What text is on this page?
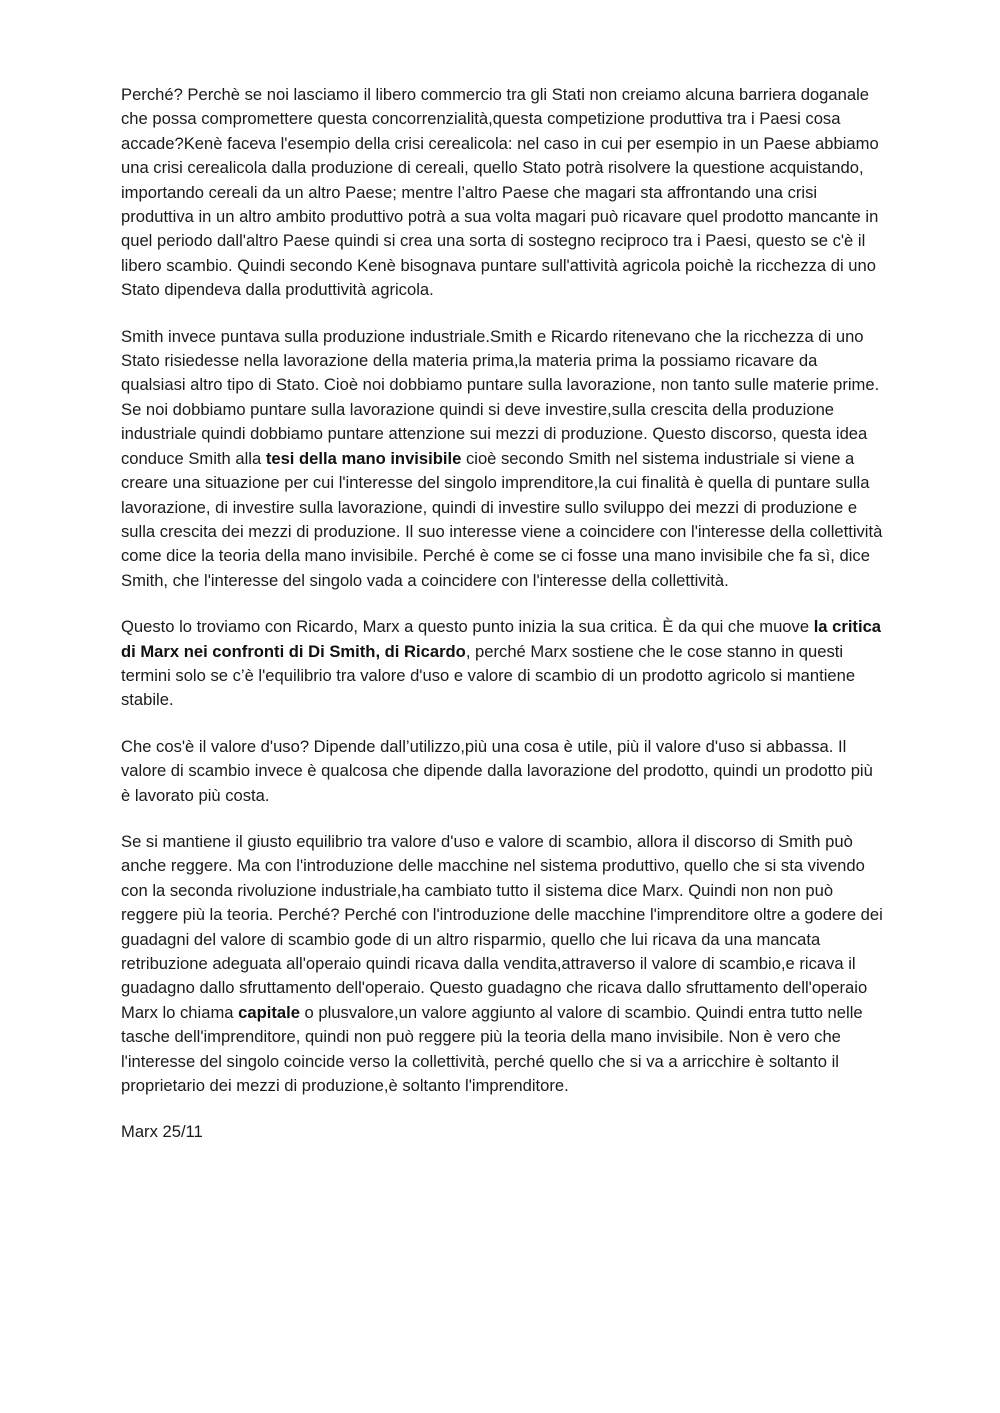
Perché? Perchè se noi lasciamo il libero commercio tra gli Stati non creiamo alcuna barriera doganale che possa compromettere questa concorrenzialità,questa competizione produttiva tra i Paesi cosa accade?Kenè faceva l'esempio della crisi cerealicola: nel caso in cui per esempio in un Paese abbiamo una crisi cerealicola dalla produzione di cereali, quello Stato potrà risolvere la questione acquistando, importando cereali da un altro Paese; mentre l’altro Paese che magari sta affrontando una crisi produttiva in un altro ambito produttivo potrà a sua volta magari può ricavare quel prodotto mancante in quel periodo dall'altro Paese quindi si crea una sorta di sostegno reciproco tra i Paesi, questo se c'è il libero scambio. Quindi secondo Kenè bisognava puntare sull'attività agricola poichè la ricchezza di uno Stato dipendeva dalla produttività agricola.

Smith invece puntava sulla produzione industriale.Smith e Ricardo ritenevano che la ricchezza di uno Stato risiedesse nella lavorazione della materia prima,la materia prima la possiamo ricavare da qualsiasi altro tipo di Stato. Cioè noi dobbiamo puntare sulla lavorazione, non tanto sulle materie prime. Se noi dobbiamo puntare sulla lavorazione quindi si deve investire,sulla crescita della produzione industriale quindi dobbiamo puntare attenzione sui mezzi di produzione. Questo discorso, questa idea conduce Smith alla tesi della mano invisibile cioè secondo Smith nel sistema industriale si viene a creare una situazione per cui l'interesse del singolo imprenditore,la cui finalità è quella di puntare sulla lavorazione, di investire sulla lavorazione, quindi di investire sullo sviluppo dei mezzi di produzione e sulla crescita dei mezzi di produzione. Il suo interesse viene a coincidere con l'interesse della collettività come dice la teoria della mano invisibile. Perché è come se ci fosse una mano invisibile che fa sì, dice Smith, che l'interesse del singolo vada a coincidere con l'interesse della collettività.

Questo lo troviamo con Ricardo, Marx a questo punto inizia la sua critica. È da qui che muove la critica di Marx nei confronti di Di Smith, di Ricardo, perché Marx sostiene che le cose stanno in questi termini solo se c’è l'equilibrio tra valore d'uso e valore di scambio di un prodotto agricolo si mantiene stabile.

Che cos'è il valore d'uso? Dipende dall’utilizzo,più una cosa è utile, più il valore d'uso si abbassa. Il valore di scambio invece è qualcosa che dipende dalla lavorazione del prodotto, quindi un prodotto più è lavorato più costa.

Se si mantiene il giusto equilibrio tra valore d'uso e valore di scambio, allora il discorso di Smith può anche reggere. Ma con l'introduzione delle macchine nel sistema produttivo, quello che si sta vivendo con la seconda rivoluzione industriale,ha cambiato tutto il sistema dice Marx. Quindi non non può reggere più la teoria. Perché? Perché con l'introduzione delle macchine l'imprenditore oltre a godere dei guadagni del valore di scambio gode di un altro risparmio, quello che lui ricava da una mancata retribuzione adeguata all'operaio quindi ricava dalla vendita,attraverso il valore di scambio,e ricava il guadagno dallo sfruttamento dell'operaio. Questo guadagno che ricava dallo sfruttamento dell'operaio Marx lo chiama capitale o plusvalore,un valore aggiunto al valore di scambio. Quindi entra tutto nelle tasche dell'imprenditore, quindi non può reggere più la teoria della mano invisibile. Non è vero che l'interesse del singolo coincide verso la collettività, perché quello che si va a arricchire è soltanto il proprietario dei mezzi di produzione,è soltanto l'imprenditore.

Marx 25/11
